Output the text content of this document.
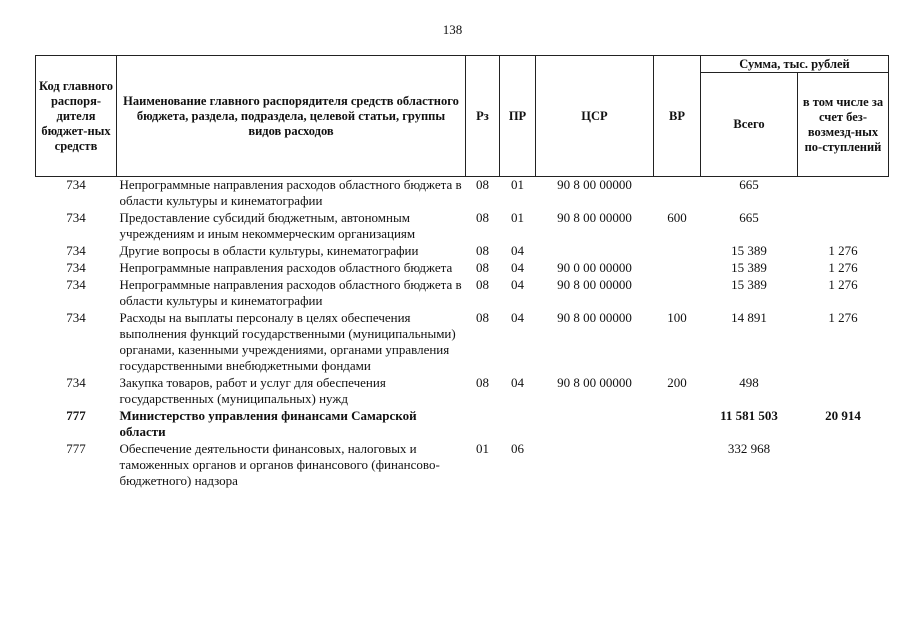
138
Код главного распоря-дителя бюджет-ных средств	Наименование главного распорядителя средств областного бюджета, раздела, подраздела, целевой статьи, группы видов расходов	Рз	ПР	ЦСР	ВР	Сумма, тыс. рублей	
						Всего	в том числе за счет без-возмезд-ных по-ступлений
734	Непрограммные направления расходов областного бюджета в области культуры и кинематографии	08	01	90 8 00 00000		665	
734	Предоставление субсидий бюджетным, автономным учреждениям и иным некоммерческим организациям	08	01	90 8 00 00000	600	665	
734	Другие вопросы в области культуры, кинематографии	08	04			15 389	1 276
734	Непрограммные направления расходов областного бюджета	08	04	90 0 00 00000		15 389	1 276
734	Непрограммные направления расходов областного бюджета в области культуры и кинематографии	08	04	90 8 00 00000		15 389	1 276
734	Расходы на выплаты персоналу в целях обеспечения выполнения функций государственными (муниципальными) органами, казенными учреждениями, органами управления государственными внебюджетными фондами	08	04	90 8 00 00000	100	14 891	1 276
734	Закупка товаров, работ и услуг для обеспечения государственных (муниципальных) нужд	08	04	90 8 00 00000	200	498	
777	Министерство управления финансами Самарской области					11 581 503	20 914
777	Обеспечение деятельности финансовых, налоговых и таможенных органов и органов финансового (финансово-бюджетного) надзора	01	06			332 968	
